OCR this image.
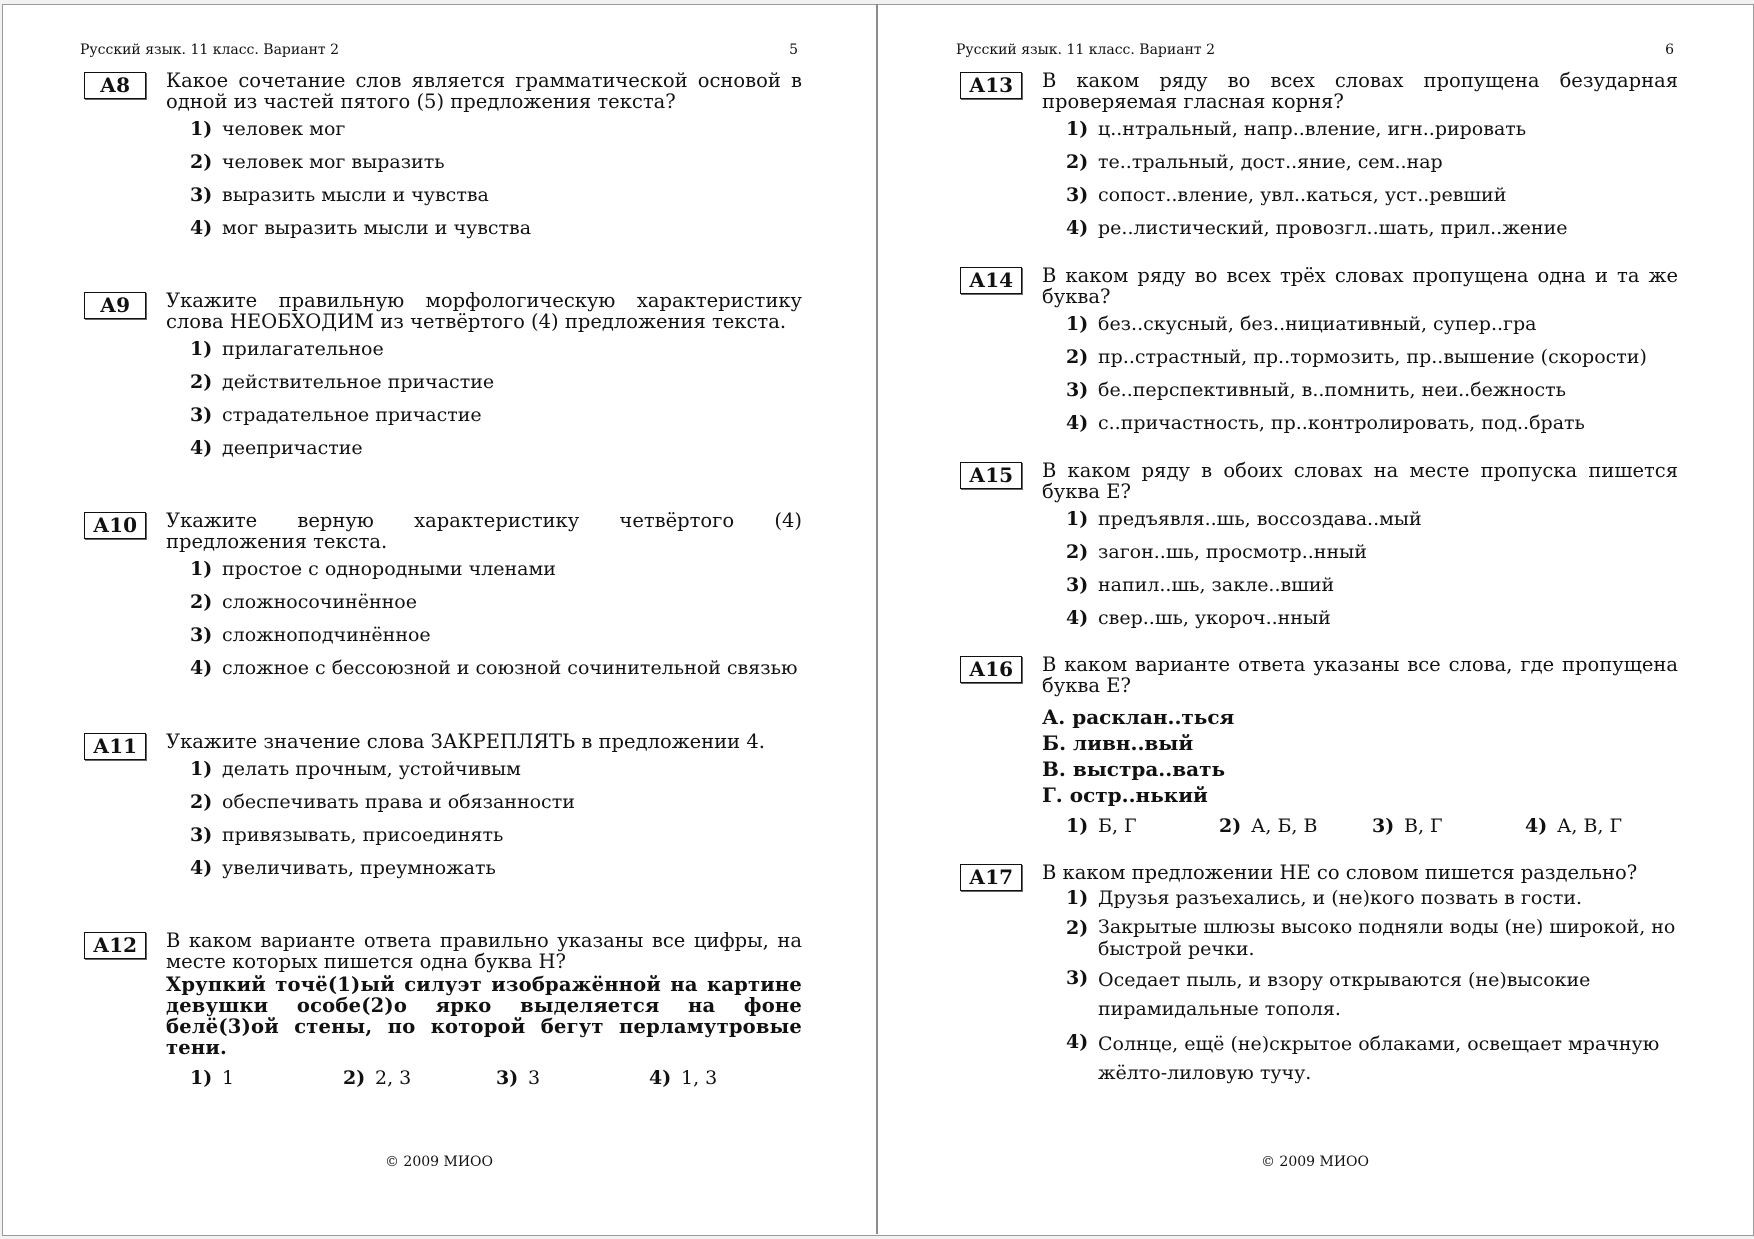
Русский язык. 11 класс. Вариант 2	5
А8	Какое сочетание слов является грамматической основой в одной из частей пятого (5) предложения текста?
1) человек мог
2) человек мог выразить
3) выразить мысли и чувства
4) мог выразить мысли и чувства
А9	Укажите правильную морфологическую характеристику слова НЕОБХОДИМ из четвёртого (4) предложения текста.
1) прилагательное
2) действительное причастие
3) страдательное причастие
4) деепричастие
А10	Укажите верную характеристику четвёртого (4) предложения текста.
1) простое с однородными членами
2) сложносочинённое
3) сложноподчинённое
4) сложное с бессоюзной и союзной сочинительной связью
А11	Укажите значение слова ЗАКРЕПЛЯТЬ в предложении 4.
1) делать прочным, устойчивым
2) обеспечивать права и обязанности
3) привязывать, присоединять
4) увеличивать, преумножать
А12	В каком варианте ответа правильно указаны все цифры, на месте которых пишется одна буква Н?
Хрупкий точё(1)ый силуэт изображённой на картине девушки особе(2)о ярко выделяется на фоне белё(3)ой стены, по которой бегут перламутровые тени.
1) 1	2) 2, 3	3) 3	4) 1, 3
© 2009 МИОО
Русский язык. 11 класс. Вариант 2	6
А13	В каком ряду во всех словах пропущена безударная проверяемая гласная корня?
1) ц..нтральный, напр..вление, игн..рировать
2) те..тральный, дост..яние, сем..нар
3) сопост..вление, увл..каться, уст..ревший
4) ре..листический, провозгл..шать, прил..жение
А14	В каком ряду во всех трёх словах пропущена одна и та же буква?
1) без..скусный, без..нициативный, супер..гра
2) пр..страстный, пр..тормозить, пр..вышение (скорости)
3) бе..перспективный, в..помнить, неи..бежность
4) с..причастность, пр..контролировать, под..брать
А15	В каком ряду в обоих словах на месте пропуска пишется буква Е?
1) предъявля..шь, воссоздава..мый
2) загон..шь, просмотр..нный
3) напил..шь, закле..вший
4) свер..шь, укороч..нный
А16	В каком варианте ответа указаны все слова, где пропущена буква Е?
А. расклан..ться
Б. ливн..вый
В. выстра..вать
Г. остр..нький
1) Б, Г	2) А, Б, В	3) В, Г	4) А, В, Г
А17	В каком предложении НЕ со словом пишется раздельно?
1) Друзья разъехались, и (не)кого позвать в гости.
2) Закрытые шлюзы высоко подняли воды (не) широкой, но быстрой речки.
3) Оседает пыль, и взору открываются (не)высокие пирамидальные тополя.
4) Солнце, ещё (не)скрытое облаками, освещает мрачную жёлто-лиловую тучу.
© 2009 МИОО
